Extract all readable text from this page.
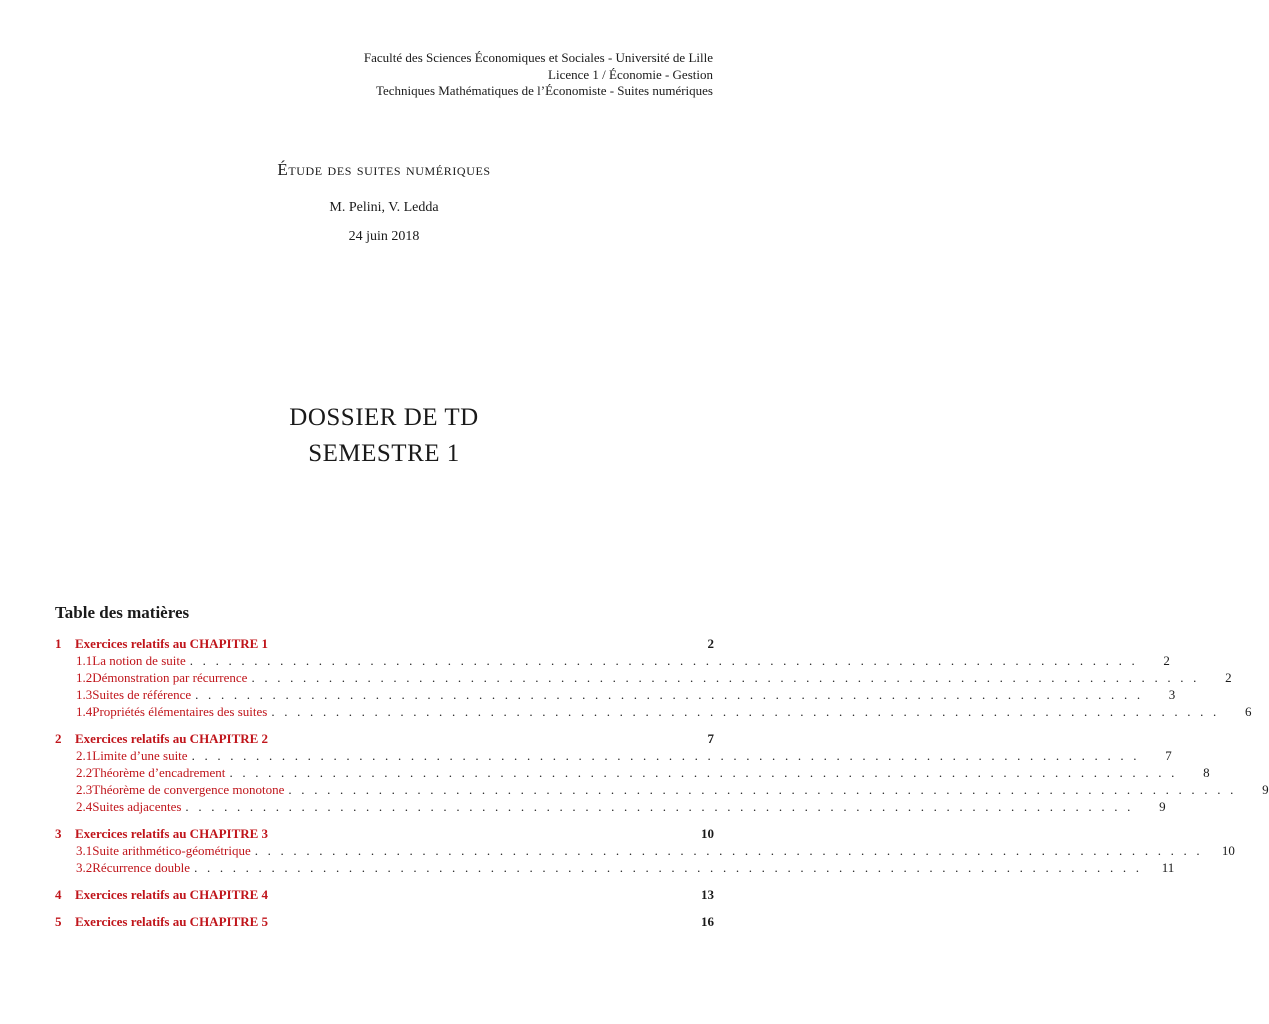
Faculté des Sciences Économiques et Sociales - Université de Lille
Licence 1 / Économie - Gestion
Techniques Mathématiques de l’Économiste - Suites numériques
Étude des suites numériques
M. Pelini, V. Ledda
24 juin 2018
DOSSIER DE TD
SEMESTRE 1
Table des matières
1	Exercices relatifs au CHAPITRE 1	2
1.1 La notion de suite . . . . . . . . . . . . . . . . . . . . . . . . . . . . . . . . . . . . . . . . . . . . . . . . . . . . . . . . . . . . . . . . . . . . . . . . . .	2
1.2 Démonstration par récurrence . . . . . . . . . . . . . . . . . . . . . . . . . . . . . . . . . . . . . . . . . . . . . . . . . . . . . . . . . . . . . . . . . . . . . . . . . .	2
1.3 Suites de référence . . . . . . . . . . . . . . . . . . . . . . . . . . . . . . . . . . . . . . . . . . . . . . . . . . . . . . . . . . . . . . . . . . . . . . . . . .	3
1.4 Propriétés élémentaires des suites . . . . . . . . . . . . . . . . . . . . . . . . . . . . . . . . . . . . . . . . . . . . . . . . . . . . . . . . . . . . . . . . . . . . . . . . . .	6
2	Exercices relatifs au CHAPITRE 2	7
2.1 Limite d’une suite . . . . . . . . . . . . . . . . . . . . . . . . . . . . . . . . . . . . . . . . . . . . . . . . . . . . . . . . . . . . . . . . . . . . . . . . . .	7
2.2 Théorème d’encadrement . . . . . . . . . . . . . . . . . . . . . . . . . . . . . . . . . . . . . . . . . . . . . . . . . . . . . . . . . . . . . . . . . . . . . . . . . .	8
2.3 Théorème de convergence monotone . . . . . . . . . . . . . . . . . . . . . . . . . . . . . . . . . . . . . . . . . . . . . . . . . . . . . . . . . . . . . . . . . . . . . . . . . .	9
2.4 Suites adjacentes . . . . . . . . . . . . . . . . . . . . . . . . . . . . . . . . . . . . . . . . . . . . . . . . . . . . . . . . . . . . . . . . . . . . . . . . . .	9
3	Exercices relatifs au CHAPITRE 3	10
3.1 Suite arithmético-géométrique . . . . . . . . . . . . . . . . . . . . . . . . . . . . . . . . . . . . . . . . . . . . . . . . . . . . . . . . . . . . . . . . . . . . . . . . . .	10
3.2 Récurrence double . . . . . . . . . . . . . . . . . . . . . . . . . . . . . . . . . . . . . . . . . . . . . . . . . . . . . . . . . . . . . . . . . . . . . . . . . .	11
4	Exercices relatifs au CHAPITRE 4	13
5	Exercices relatifs au CHAPITRE 5	16
